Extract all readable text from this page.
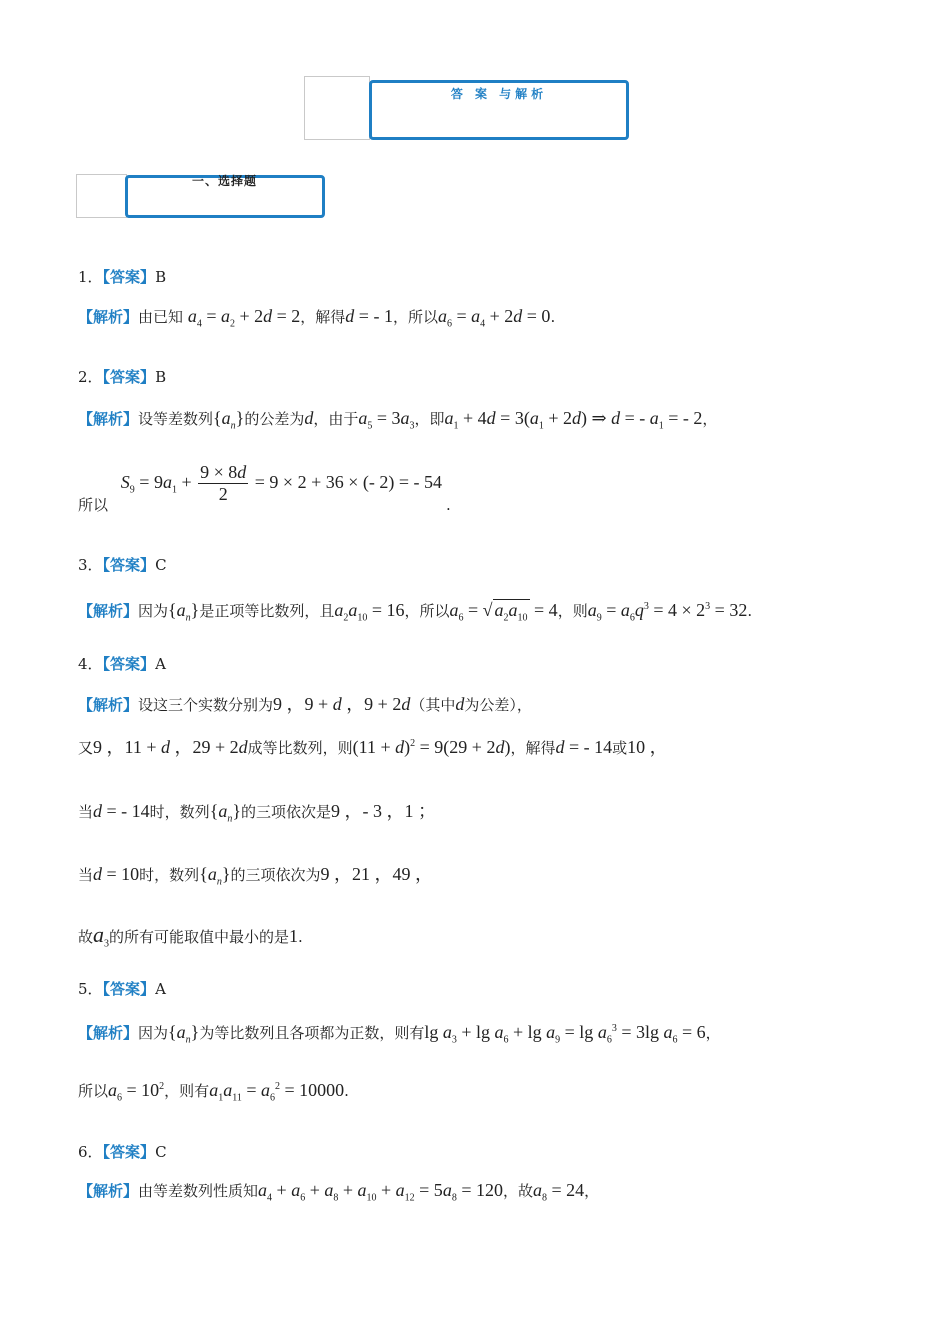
答 案 与解析
一、选择题
1．【答案】B
【解析】由已知 $a_4 = a_2 + 2d = 2$，解得d = - 1，所以$a_6 = a_4 + 2d = 0$.
2．【答案】B
【解析】设等差数列$\{a_n\}$的公差为d，由于$a_5 = 3a_3$，即$a_1 + 4d = 3(a_1 + 2d)$ ⇒ d = - $a_1$ = - 2，
所以 $S_9 = 9a_1 + \frac{9 \times 8d}{2} = 9 \times 2 + 36$ × (- 2) = - 54.
3．【答案】C
【解析】因为$\{a_n\}$是正项等比数列，且$a_2a_{10} = 16$，所以$a_6$ = √ $a_2a_{10} = 4$，则$a_9 = a_6q^3 = 4 \times 2^3 = 32$.
4．【答案】A
【解析】设这三个实数分别为9 ，9 + d ，9 + 2d（其中d为公差），
又9 ，11 + d ，29 + 2d成等比数列，则$(11 + d)^2 = 9(29 + 2d)$，解得d = - 14或10 ，
当d = - 14时，数列$\{a_n\}$的三项依次是9 ，- 3 ，1 ；
当d = 10时，数列$\{a_n\}$的三项依次为9 ，21 ，49 ，
故$a_3$的所有可能取值中最小的是1.
5．【答案】A
【解析】因为$\{a_n\}$为等比数列且各项都为正数，则有$\lg a_3 + \lg a_6 + \lg a_9 = \lg a_6^3 = 3\lg$ $a_6 = 6$，
所以$a_6 = 10^2$，则有$a_1a_{11} = a_6^2 = 10000$.
6．【答案】C
【解析】由等差数列性质知$a_4 + a_6 + a_8 + a_{10} + a_{12} = 5a_8 = 120$，故$a_8 = 24$，
